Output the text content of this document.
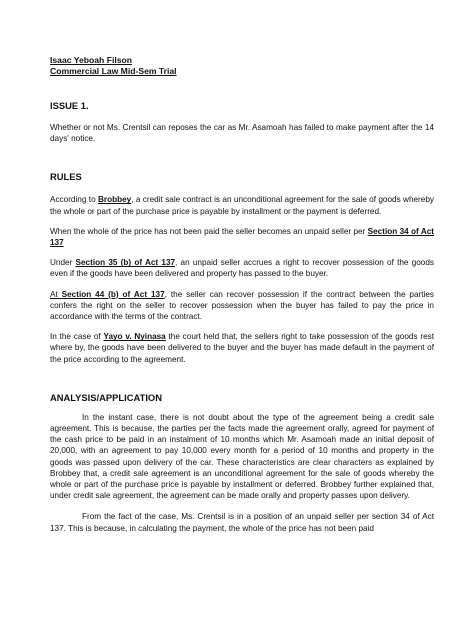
Isaac Yeboah Filson
Commercial Law Mid-Sem Trial
ISSUE 1.

Whether or not Ms. Crentsil can reposes the car as Mr. Asamoah has failed to make payment after the 14 days' notice.

RULES

According to Brobbey, a credit sale contract is an unconditional agreement for the sale of goods whereby the whole or part of the purchase price is payable by installment or the payment is deferred.

When the whole of the price has not been paid the seller becomes an unpaid seller per Section 34 of Act 137

Under Section 35 (b) of Act 137, an unpaid seller accrues a right to recover possession of the goods even if the goods have been delivered and property has passed to the buyer.

At Section 44 (b) of Act 137, the seller can recover possession if the contract between the parties confers the right on the seller to recover possession when the buyer has failed to pay the price in accordance with the terms of the contract.

In the case of Yayo v. Nyinasa the court held that, the sellers right to take possession of the goods rest where by, the goods have been delivered to the buyer and the buyer has made default in the payment of the price according to the agreement.

ANALYSIS/APPLICATION

In the instant case, there is not doubt about the type of the agreement being a credit sale agreement. This is because, the parties per the facts made the agreement orally, agreed for payment of the cash price to be paid in an instalment of 10 months which Mr. Asamoah made an initial deposit of 20,000, with an agreement to pay 10,000 every month for a period of 10 months and property in the goods was passed upon delivery of the car. These characteristics are clear characters as explained by Brobbey that, a credit sale agreement is an unconditional agreement for the sale of goods whereby the whole or part of the purchase price is payable by installment or deferred. Brobbey further explained that, under credit sale agreement, the agreement can be made orally and property passes upon delivery.

From the fact of the case, Ms. Crentsil is in a position of an unpaid seller per section 34 of Act 137. This is because, in calculating the payment, the whole of the price has not been paid
